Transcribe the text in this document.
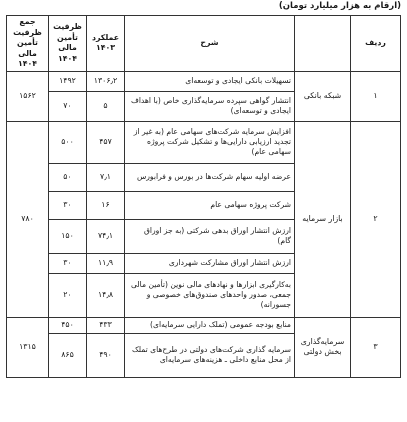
(ارقام به هزار میلیارد تومان)
ردیف		شرح	عملکرد ۱۴۰۳	ظرفیت تأمین مالی ۱۴۰۴	جمع ظرفیت تأمین مالی ۱۴۰۴
۱	شبکه بانکی	تسهیلات بانکی ایجادی و توسعه‌ای	۱۳۰۶٫۲	۱۴۹۲	۱۵۶۲
		انتشار گواهی سپرده سرمایه‌گذاری خاص (با اهداف ایجادی و توسعه‌ای)	۵	۷۰	
۲	بازار سرمایه	افزایش سرمایه شرکت‌های سهامی عام (به غیر از تجدید ارزیابی دارایی‌ها و تشکیل شرکت پروژه سهامی عام)	۴۵۷	۵۰۰	۷۸۰
		عرضه اولیه سهام شرکت‌ها در بورس و فرابورس	۷٫۱	۵۰	
		شرکت پروژه سهامی عام	۱۶	۳۰	
		ارزش انتشار اوراق بدهی شرکتی (به جز اوراق گام)	۷۴٫۱	۱۵۰	
		ارزش انتشار اوراق مشارکت شهرداری	۱۱٫۹	۳۰	
		به‌کارگیری ابزارها و نهادهای مالی نوین (تأمین مالی جمعی، صدور واحدهای صندوق‌های خصوصی و جسورانه)	۱۴٫۸	۲۰	
۳	سرمایه‌گذاری بخش دولتی	منابع بودجه عمومی (تملک دارایی سرمایه‌ای)	۴۳۳	۴۵۰	۱۳۱۵
		سرمایه گذاری شرکت‌های دولتی در طرح‌های تملک از محل منابع داخلی ـ هزینه‌های سرمایه‌ای	۴۹۰	۸۶۵	
